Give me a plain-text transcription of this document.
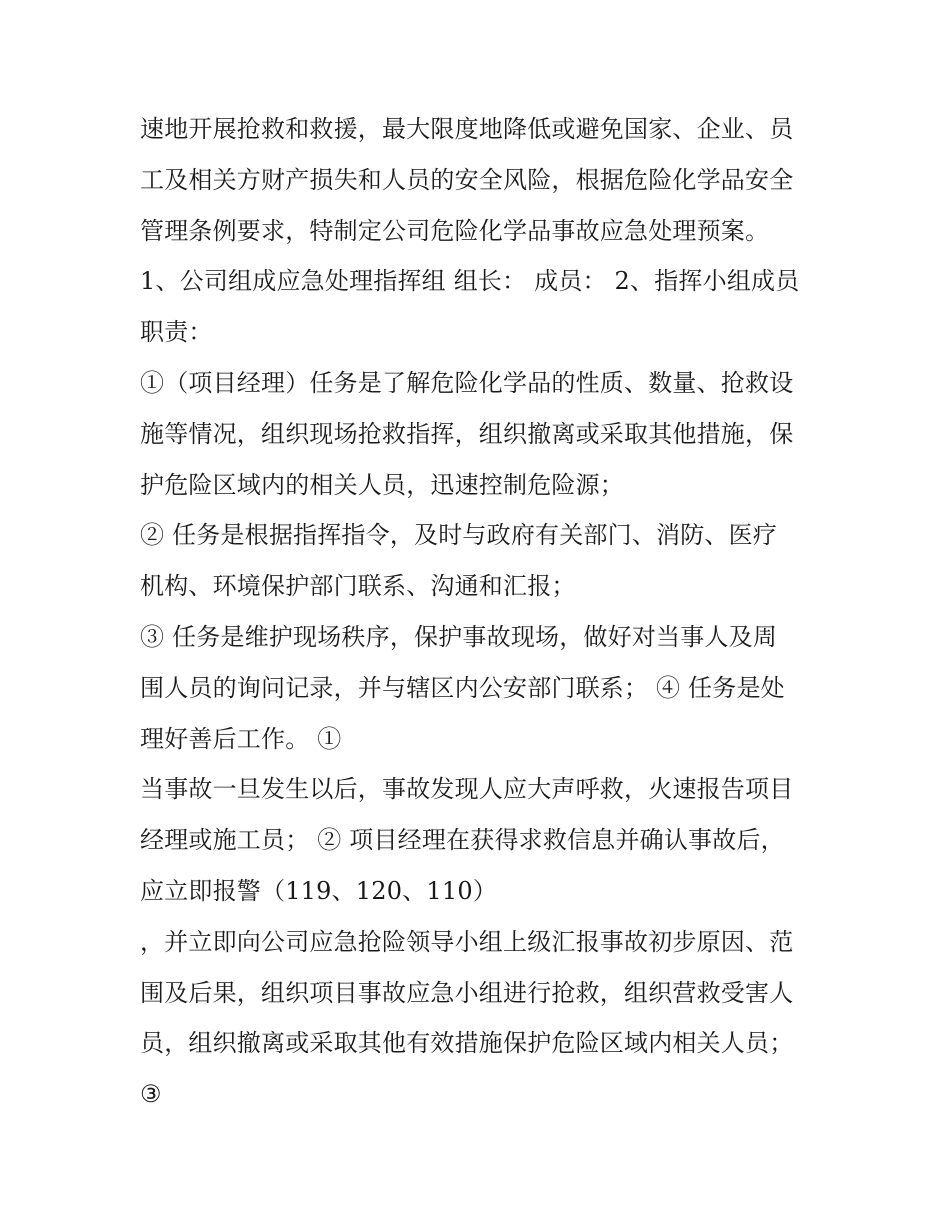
速地开展抢救和救援，最大限度地降低或避免国家、企业、员
工及相关方财产损失和人员的安全风险，根据危险化学品安全
管理条例要求，特制定公司危险化学品事故应急处理预案。
1、公司组成应急处理指挥组 组长： 成员： 2、指挥小组成员
职责：
①（项目经理）任务是了解危险化学品的性质、数量、抢救设
施等情况，组织现场抢救指挥，组织撤离或采取其他措施，保
护危险区域内的相关人员，迅速控制危险源；
② 任务是根据指挥指令，及时与政府有关部门、消防、医疗
机构、环境保护部门联系、沟通和汇报；
③ 任务是维护现场秩序，保护事故现场，做好对当事人及周
围人员的询问记录，并与辖区内公安部门联系； ④ 任务是处
理好善后工作。 ①
当事故一旦发生以后，事故发现人应大声呼救，火速报告项目
经理或施工员； ② 项目经理在获得求救信息并确认事故后，
应立即报警（119、120、110）
，并立即向公司应急抢险领导小组上级汇报事故初步原因、范
围及后果，组织项目事故应急小组进行抢救，组织营救受害人
员，组织撤离或采取其他有效措施保护危险区域内相关人员；
③
